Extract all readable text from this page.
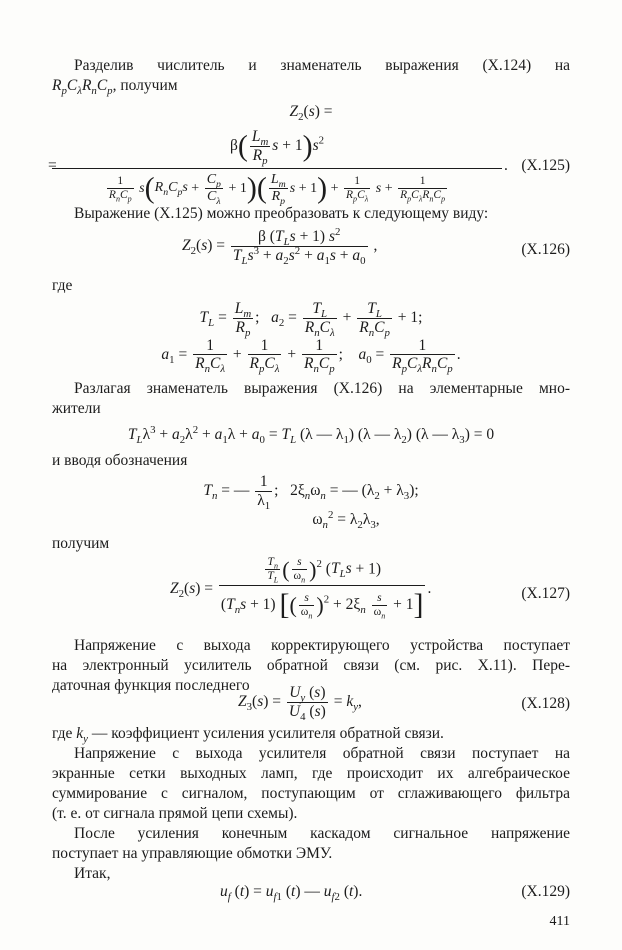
Разделив числитель и знаменатель выражения (Х.124) на

$R_pC_\lambda R_nC_p$, получим

$Z_2(s)$ =
$\beta( \frac{L_m}{R_p}$ $s + 1)s^2$
$\frac{1}{R_nC_p} s(R_nC_ps + \frac{C_p}{C_\lambda} + 1)( \frac{L_m}{R_p}$ $s + 1) + \frac{1}{R_pC_\lambda}$ $s + \frac{1}{R_pC_\lambda R_nC_p}$
=	. (Х.125)

Выражение (Х.125) можно преобразовать к следующему виду:

$Z_2(s) = \frac{\beta (T_Ls + 1) s^2}{T_Ls^3 + a_2s^2 + a_1s + a_0}$ ,	(Х.126)

где

$T_L = \frac{L_m}{R_p}$ ;   $a_2 = \frac{T_L}{R_nC_\lambda} + \frac{T_L}{R_nC_p} + 1$;
$a_1 = \frac{1}{R_nC_\lambda} + \frac{1}{R_pC_\lambda} + \frac{1}{R_nC_p}$ ;    $a_0 = \frac{1}{R_pC_\lambda R_nC_p}$ .

Разлагая знаменатель выражения (Х.126) на элементарные мно-

жители

$T_L\lambda^3 + a_2\lambda^2 + a_1\lambda + a_0 = T_L$ (λ — $\lambda_1$) (λ — $\lambda_2$) (λ — $\lambda_3) = 0$

и вводя обозначения

$T_n$ = — $\frac{1}{\lambda_1}$ ;   $2\xi_n\omega_n$ = — $(\lambda_2 + \lambda_3)$;
$\omega_n^2 = \lambda_2\lambda_3$,

получим

$Z_2(s) = \frac{\frac{T_n}{T_L} ( \frac{s}{\omega_n} )^2 (T_Ls + 1)}{(T_ns + 1) [( \frac{s}{\omega_n} )^2 + 2\xi_n \frac{s}{\omega_n} + 1]}$ .	(Х.127)

Напряжение с выхода корректирующего устройства поступает

на электронный усилитель обратной связи (см. рис. Х.11). Пере-

даточная функция последнего

$Z_3(s) = \frac{U_y (s)}{U_4 (s)} = k_y$,	(Х.128)

где $k_y$ — коэффициент усиления усилителя обратной связи.

Напряжение с выхода усилителя обратной связи поступает на

экранные сетки выходных ламп, где происходит их алгебраическое

суммирование с сигналом, поступающим от сглаживающего фильтра

(т. е. от сигнала прямой цепи схемы).

После усиления конечным каскадом сигнальное напряжение

поступает на управляющие обмотки ЭМУ.

Итак,

$u_f$ $(t) = u_{f1}$ (t) — $u_{f2}$ (t).	(Х.129)
411
